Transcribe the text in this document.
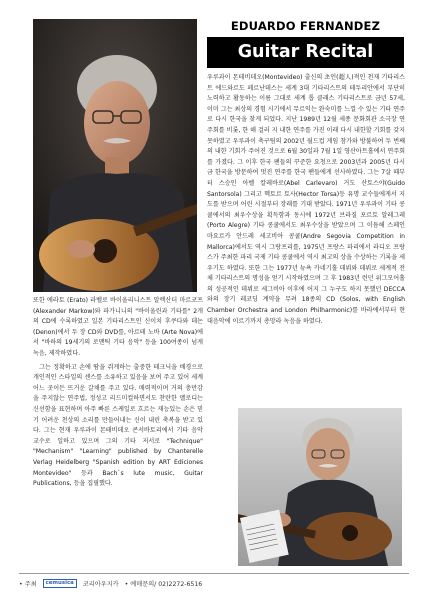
EDUARDO FERNANDEZ
Guitar Recital

우루과이 몬테비데오(Montevideo) 출신의 초인(超人)적인 천재 기타리스트 에드와르도 페르난데스는 세계 3대 기타리스트의 테두리안에서 부단히 노력하고 활동하는 이름 그대로 세계 톱 클래스 기타리스트로 금년 57세, 이미 그는 최상의 경험 시기에서 무르익는 완숙미를 느낄 수 있는 기타 연주로 다시 한국을 찾게 되었다. 지난 1989년 12월 세종 문화회관 소극장 연주회를 비롯, 한 해 걸러 지 내한 연주를 가진 이래 다시 내한할 기회를 갖지 못하였고 우루과이 축구팀의 2002년 월드컵 게임 참가와 방불하여 두 번째의 내한 기회가 주어진 것으로 6월 30일과 7월 1일 영산아트홀에서 연주회를 가졌다. 그 이후 한국 팬들의 꾸준한 요청으로 2003년과 2005년 다시금 한국을 방문하여 멋진 연주를 한국 팬들에게 선사하였다. 그는 7살 때부터 스승인 아벨 칼레바로(Abel Carlevaro) 거도 산토스야(Guido Santorsola) 그리고 헥토르 토사(Hector Torsa)등 유명 교수들에게서 지도를 받으며 어린 시절부터 장래를 기대 받았다. 1971년 우루과이 기타 콩쿨에서의 최우수상을 획득함과 동시에 1972년 브라질 포르토 알레그레(Porto Alegre) 기타 콩쿨에서도 최우수상을 받았으며 그 이듬해 스페인 마요르카 안드레 세고비아 콩쿨(Andre Segovia Competition in Mallorca)에서도 역시 그랑프리를, 1975년 프랑스 파리에서 라디오 프랑스가 주최한 파리 국제 기타 콩쿨에서 역시 최고의 상을 수상하는 기록을 세우기도 하였다. 또한 그는 1977년 뉴욕 카네기홀 데뷔와 데뷔로 세계적 전체 기타리스트의 명성을 얻기 시작하였으며 그 후 1983년 런던 위그모어홀의 성공적인 데뷔로 세그비아 이후에 어지 그 누구도 하지 못했던 DECCA와의 장기 레코딩 계약을 무려 18종의 CD (Solos, with English Chamber Orchestra and London Philharmonic)를 바라에서부터 현대음악에 이르기까지 총망라 녹음을 하였다.

또한 에라토 (Erato) 라벨로 바이올리니스트 알렉산더 마르코프 (Alexander Markow)와 파가니니의 "바이올린과 기타를" 2개의 CD에 수록하였고 일본 기타리스트인 신이치 후쿠다와 데논 (Denon)에서 두 장 CD와 DVD를, 아르테 노바 (Arte Nova)에서 "바하의 19세기의 로맨틱 기타 음악" 등을 100여종이 넘게 녹음, 제작하였다.

그는 정확하고 손에 땀을 쥐게하는 출중한 테크닉을 배경으로 개인적인 스타일의 센스를 소유하고 있음을 보여 주고 있어 세계 어느 곳이든 뜨거운 갈채를 주고 있다. 매력적이며 거의 충만감을 주지않는 연주법, 정성고 리드미컬하면서도 찬란한 멜로디는 신선함을 표현하며 아주 빠른 스케일로 흐르는 재능있는 손은 믿기 어려운 천상의 소리를 만들어내는 신이 내린 축복을 받고 있다. 그는 현재 우루과이 몬테비데오 콘서바토리에서 기타 음악 교수로 일하고 있으며 그의 기타 저서로 "Technique" "Mechanism" "Learning" published by Chanterelle Verlag Heidelberg "Spanish edition by ART Ediciones Montevideo" 등과 Bach`s lute music, Guitar Publications, 등을 집필했다.

• 주최	cemusica	코리아우지카 • 예매문의/ 02)2272-6516
